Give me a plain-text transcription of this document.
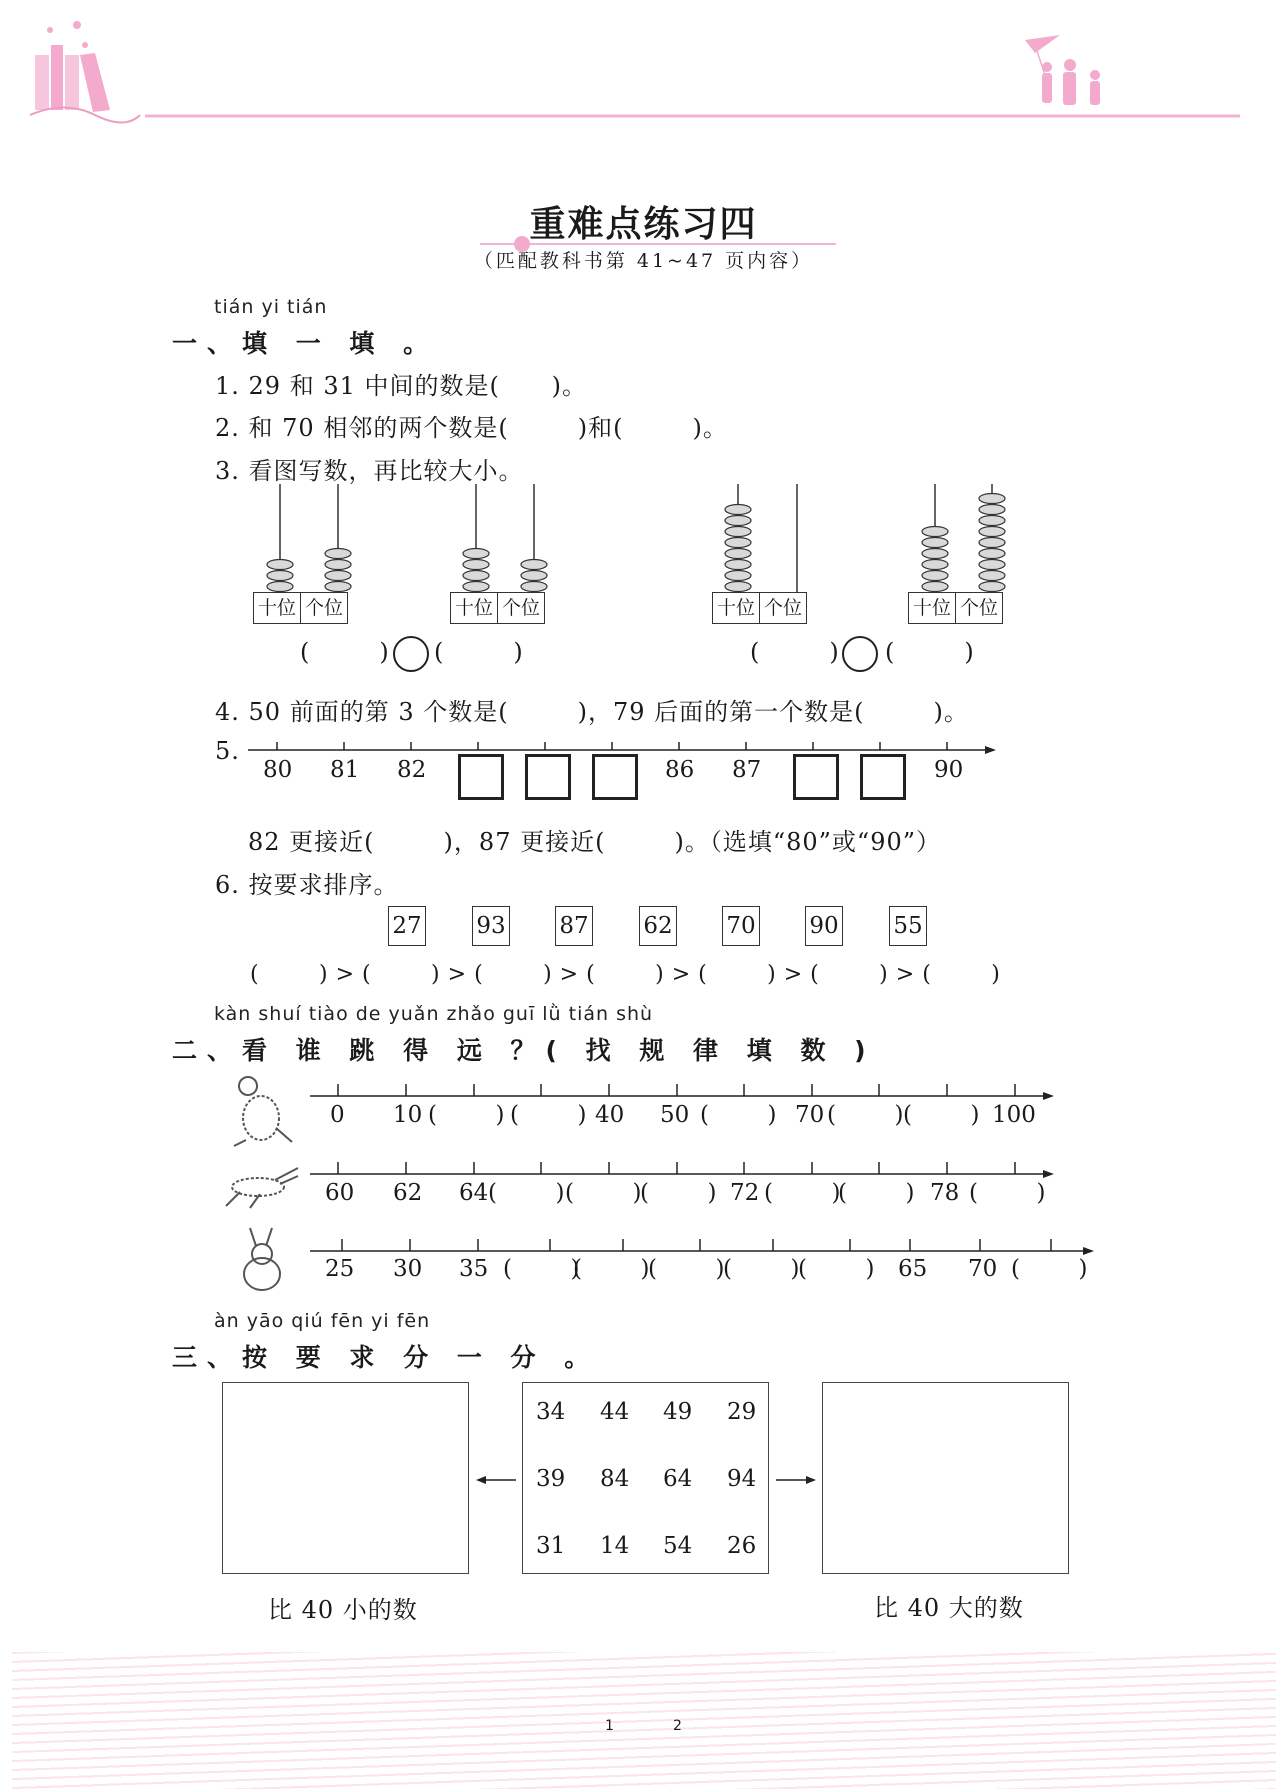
重难点练习四
（匹配教科书第 41~47 页内容）
tián yi tián
一、填 一 填 。
1. 29 和 31 中间的数是(      )。
2. 和 70 相邻的两个数是(        )和(        )。
3. 看图写数，再比较大小。
十位 个位	十位 个位	十位 个位	十位 个位
(        ) (        )	(        ) (        )
4. 50 前面的第 3 个数是(        )，79 后面的第一个数是(        )。
5.
80 81 82	86 87	90
82 更接近(        )，87 更接近(        )。（选填“80”或“90”）
6. 按要求排序。
27 93 87 62 70 90 55
(        ) > (        ) > (        ) > (        ) > (        ) > (        ) > (        )
kàn shuí tiào de yuǎn zhǎo guī lǜ tián shù
二、看 谁 跳 得 远 ？( 找 规 律 填 数 )
0 10 (        ) (        ) 40 50 (        ) 70 (        ) (        ) 100
60 62 64 (        ) (        )
(        ) 72 (        )
(        ) 78 (        )
25 30 35 (        )
(        )
(        )
(        )
(        ) 65 70 (        )
àn yāo qiú fēn yi fēn
三、按 要 求 分 一 分 。
34 44 49 29
39 84 64 94
31 14 54 26
比 40 小的数	比 40 大的数
1	2
